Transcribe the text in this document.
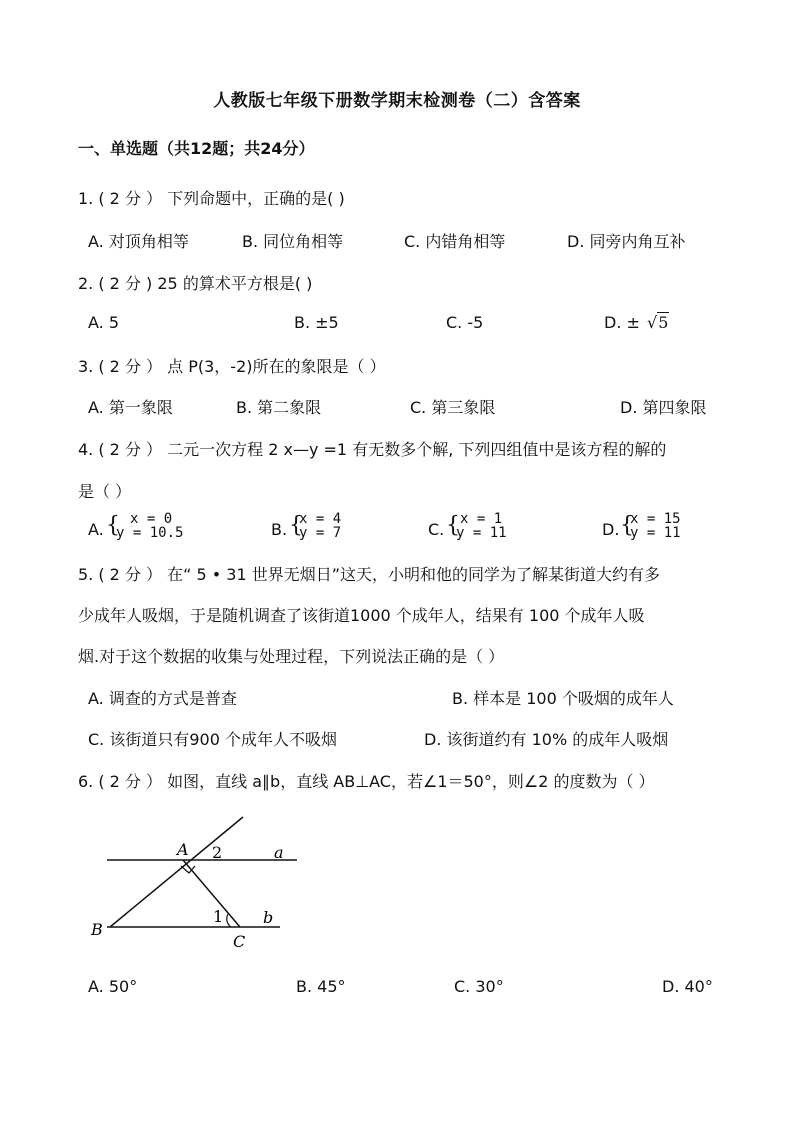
人教版七年级下册数学期末检测卷（二）含答案
一、单选题（共12题；共24分）
1. ( 2 分 ） 下列命题中，正确的是( )
A. 对顶角相等	B. 同位角相等	C. 内错角相等	D. 同旁内角互补
2. ( 2 分 ) 25 的算术平方根是( )
A. 5	B. ±5	C. -5	D. ± √5
3. ( 2 分 ） 点 P(3，-2)所在的象限是（ ）
A. 第一象限	B. 第二象限	C. 第三象限	D. 第四象限
4. ( 2 分 ） 二元一次方程 2 x—y =1 有无数多个解, 下列四组值中是该方程的解的
是（ ）
A. { x = 0
y = 10.5	B. {
x = 4
y = 7	C. { x = 1
y = 11	D. {
x = 15
y = 11
5. ( 2 分 ） 在“ 5 • 31 世界无烟日”这天，小明和他的同学为了解某街道大约有多
少成年人吸烟，于是随机调查了该街道1000 个成年人，结果有 100 个成年人吸
烟.对于这个数据的收集与处理过程，下列说法正确的是（ ）
A. 调查的方式是普查	B. 样本是 100 个吸烟的成年人
C. 该街道只有900 个成年人不吸烟	D. 该街道约有 10% 的成年人吸烟
6. ( 2 分 ） 如图，直线 a∥b，直线 AB⊥AC，若∠1＝50°，则∠2 的度数为（ ）
A 2	a
1 b
B
C
A. 50°	B. 45°	C. 30°	D. 40°
